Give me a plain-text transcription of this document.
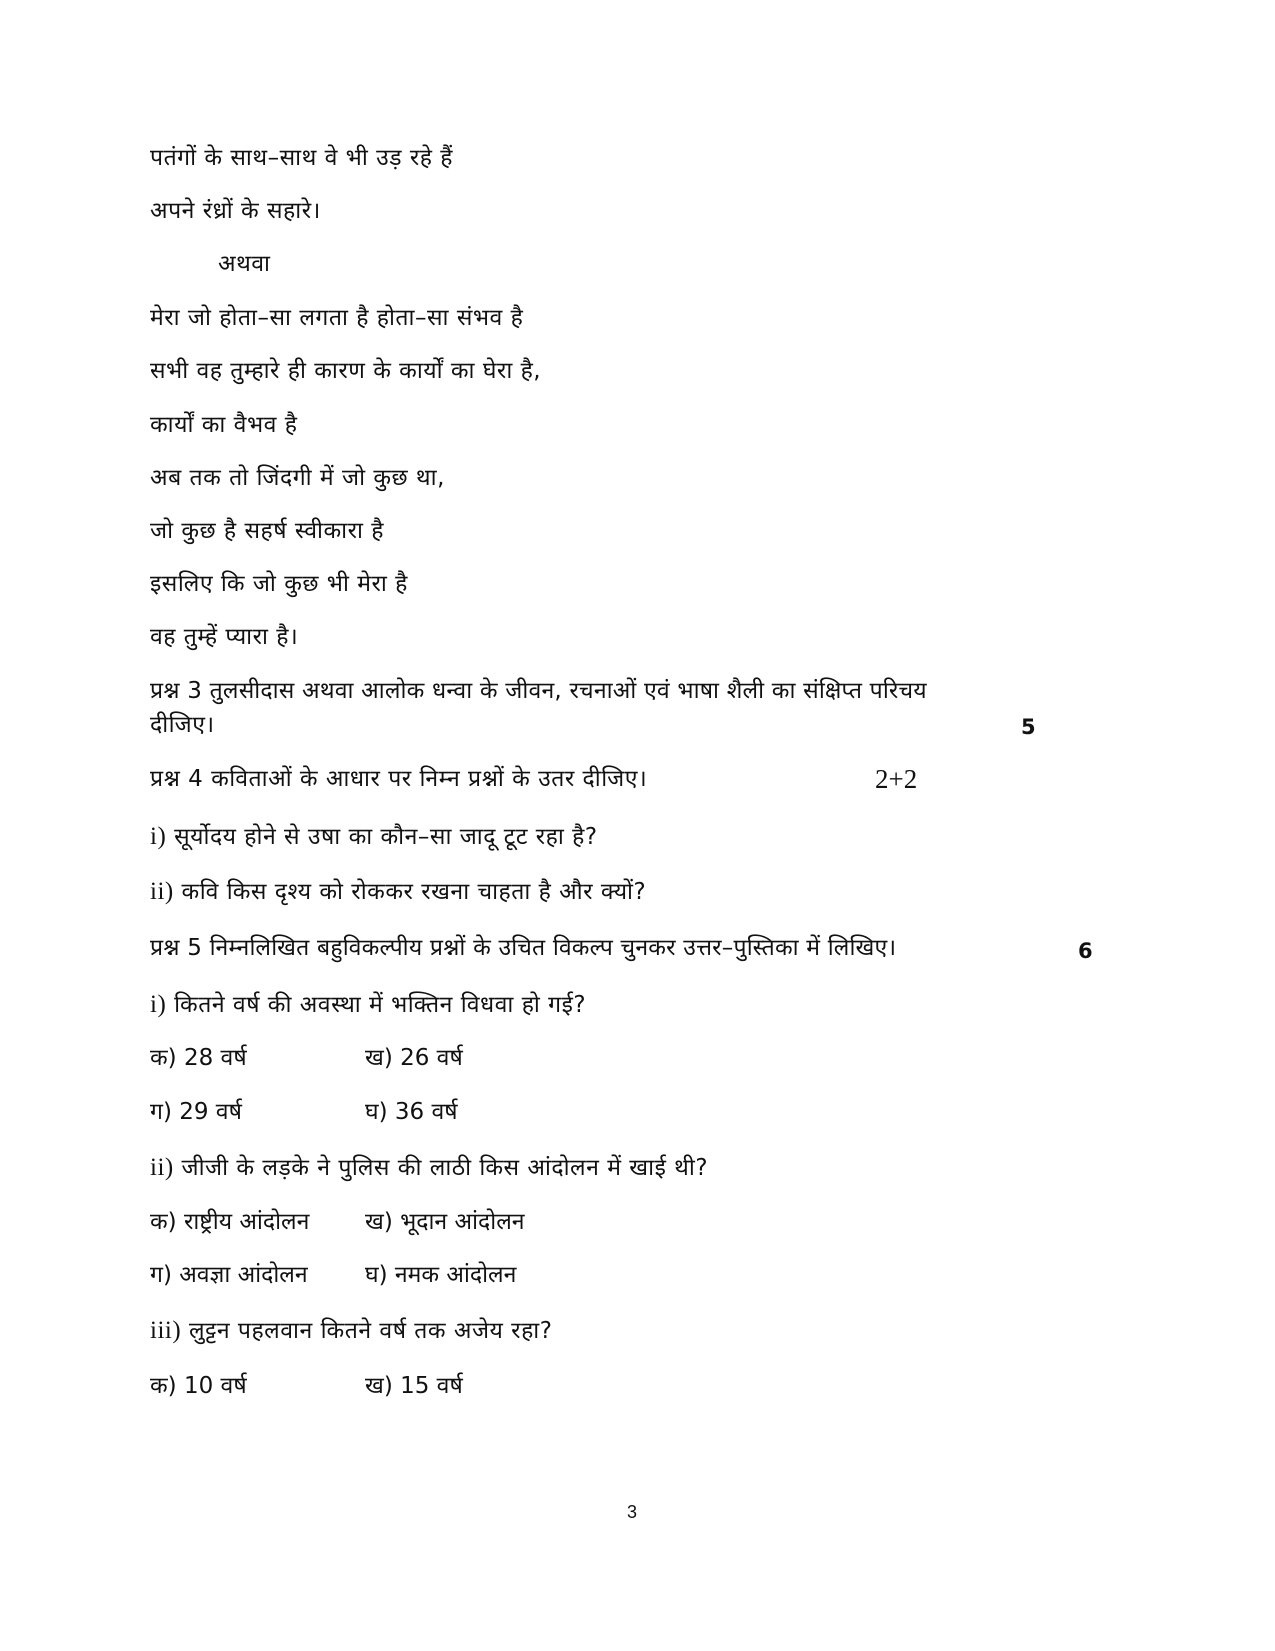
पतंगों के साथ–साथ वे भी उड़ रहे हैं
अपने रंध्रों के सहारे।
अथवा
मेरा जो होता–सा लगता है होता–सा संभव है
सभी वह तुम्हारे ही कारण के कार्यों का घेरा है,
कार्यों का वैभव है
अब तक तो जिंदगी में जो कुछ था,
जो कुछ है सहर्ष स्वीकारा है
इसलिए कि जो कुछ भी मेरा है
वह तुम्हें प्यारा है।
प्रश्न 3 तुलसीदास अथवा आलोक धन्वा के जीवन, रचनाओं एवं भाषा शैली का संक्षिप्त परिचय
दीजिए।	5
प्रश्न 4 कविताओं के आधार पर निम्न प्रश्नों के उतर दीजिए।	2+2
i) सूर्योदय होने से उषा का कौन–सा जादू टूट रहा है?
ii) कवि किस दृश्य को रोककर रखना चाहता है और क्यों?
प्रश्न 5 निम्नलिखित बहुविकल्पीय प्रश्नों के उचित विकल्प चुनकर उत्तर–पुस्तिका में लिखिए।	6
i) कितने वर्ष की अवस्था में भक्तिन विधवा हो गई?
क) 28 वर्ष	ख) 26 वर्ष
ग) 29 वर्ष	घ) 36 वर्ष
ii) जीजी के लड़के ने पुलिस की लाठी किस आंदोलन में खाई थी?
क) राष्ट्रीय आंदोलन ख) भूदान आंदोलन
ग) अवज्ञा आंदोलन घ) नमक आंदोलन
iii) लुट्टन पहलवान कितने वर्ष तक अजेय रहा?
क) 10 वर्ष	ख) 15 वर्ष
3
